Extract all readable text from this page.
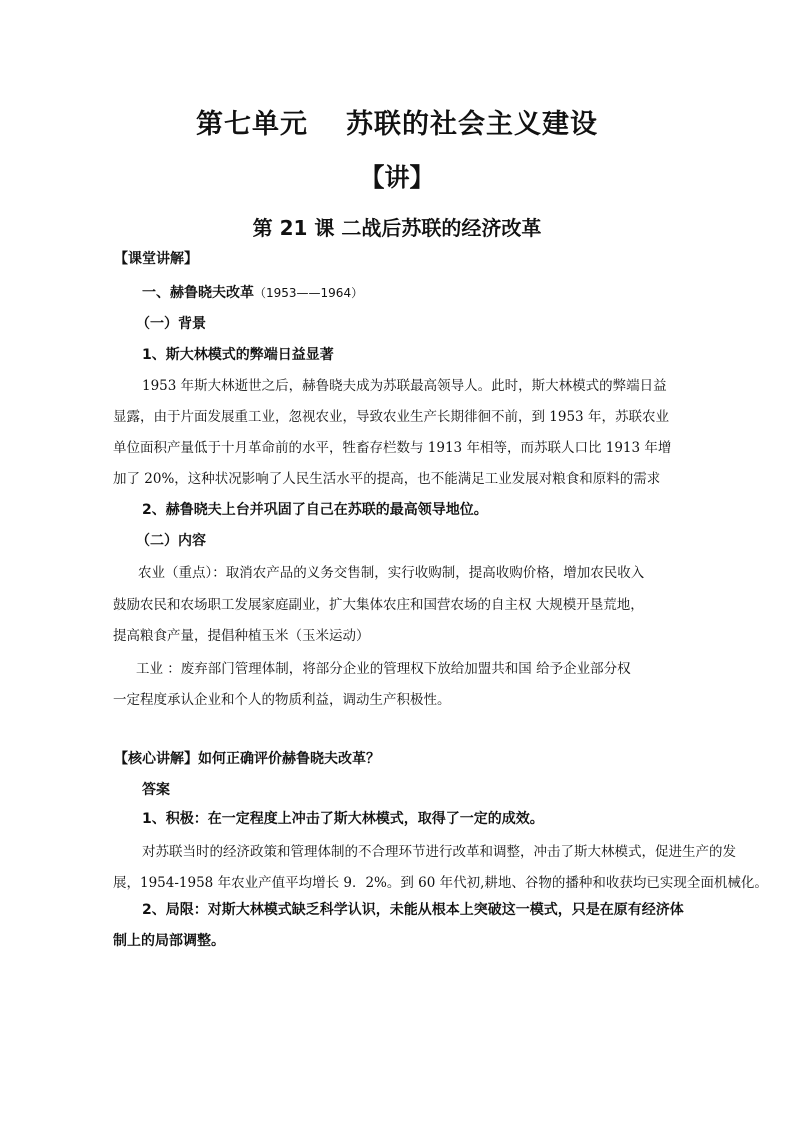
第七单元 苏联的社会主义建设
【讲】
第 21 课 二战后苏联的经济改革
【课堂讲解】
一、赫鲁晓夫改革（1953——1964）
（一）背景
1、斯大林模式的弊端日益显著
1953 年斯大林逝世之后，赫鲁晓夫成为苏联最高领导人。此时，斯大林模式的弊端日益
显露，由于片面发展重工业，忽视农业，导致农业生产长期徘徊不前，到 1953 年，苏联农业
单位面积产量低于十月革命前的水平，牲畜存栏数与 1913 年相等，而苏联人口比 1913 年增
加了 20%，这种状况影响了人民生活水平的提高，也不能满足工业发展对粮食和原料的需求
2、赫鲁晓夫上台并巩固了自己在苏联的最高领导地位。
（二）内容
农业（重点）：取消农产品的义务交售制，实行收购制，提高收购价格，增加农民收入
鼓励农民和农场职工发展家庭副业，扩大集体农庄和国营农场的自主权 大规模开垦荒地，
提高粮食产量，提倡种植玉米（玉米运动）
工业 ：废弃部门管理体制，将部分企业的管理权下放给加盟共和国 给予企业部分权
一定程度承认企业和个人的物质利益，调动生产积极性。
【核心讲解】如何正确评价赫鲁晓夫改革？
答案
1、积极：在一定程度上冲击了斯大林模式，取得了一定的成效。
对苏联当时的经济政策和管理体制的不合理环节进行改革和调整，冲击了斯大林模式，促进生产的发
展，1954-1958 年农业产值平均增长 9．2%。到 60 年代初,耕地、谷物的播种和收获均已实现全面机械化。
2、局限：对斯大林模式缺乏科学认识，未能从根本上突破这一模式，只是在原有经济体
制上的局部调整。
